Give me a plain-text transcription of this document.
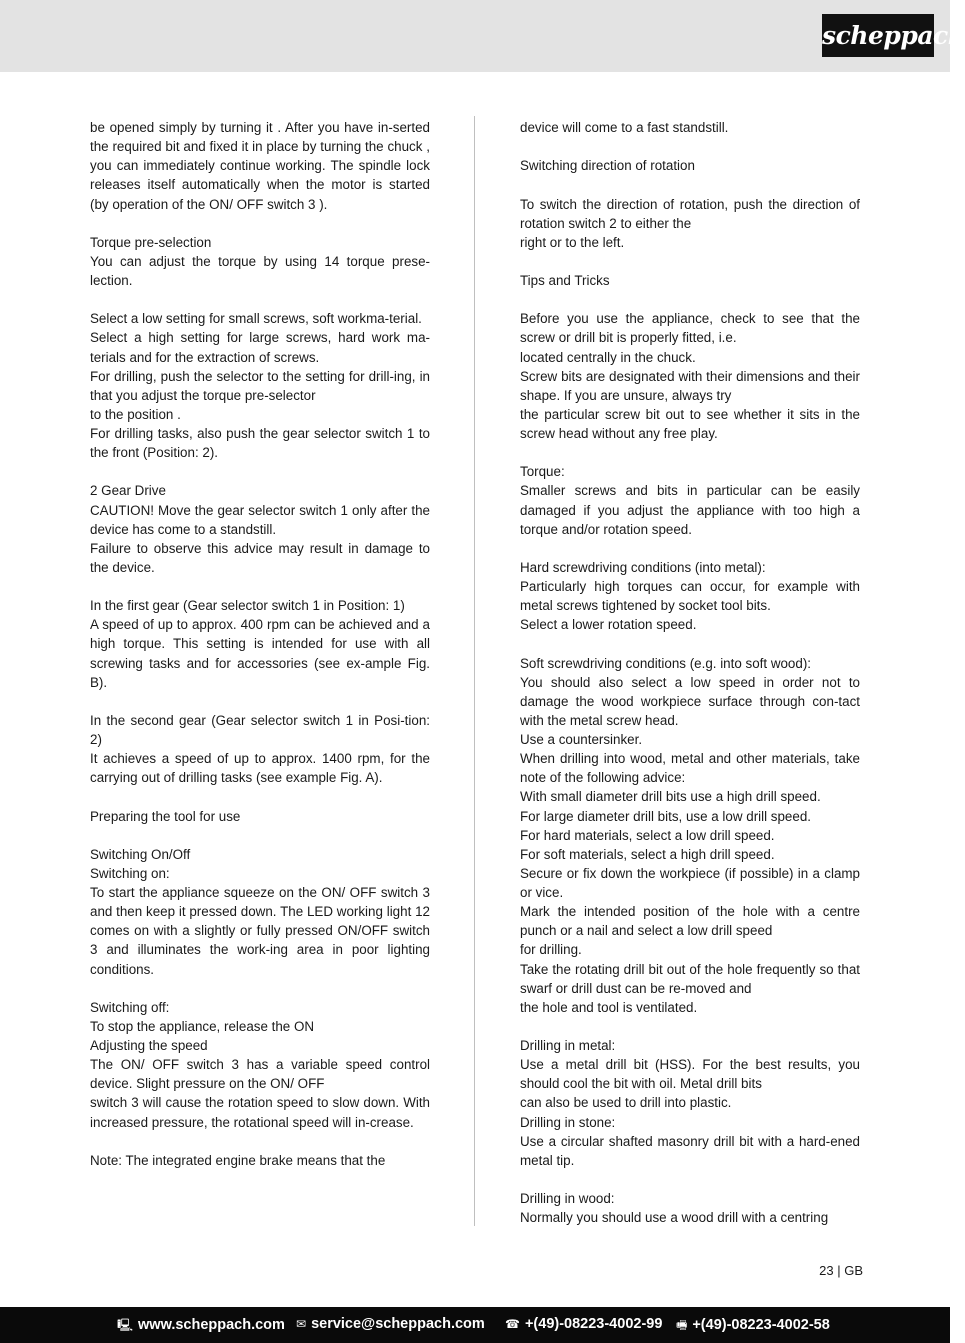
scheppach

be opened simply by turning it . After you have in-serted the required bit and fixed it in place by turning the chuck , you can immediately continue working. The spindle lock releases itself automatically when the motor is started (by operation of the ON/ OFF switch 3 ).

Torque pre-selection

You can adjust the torque by using 14 torque prese-lection.

Select a low setting for small screws, soft workma-terial.

Select a high setting for large screws, hard work ma-terials and for the extraction of screws.

For drilling, push the selector to the setting for drill-ing, in that you adjust the torque pre-selector

to the position .

For drilling tasks, also push the gear selector switch 1 to the front (Position: 2).

2 Gear Drive

CAUTION! Move the gear selector switch 1 only after the device has come to a standstill.

Failure to observe this advice may result in damage to the device.

In the first gear (Gear selector switch 1 in Position: 1)

A speed of up to approx. 400 rpm can be achieved and a high torque. This setting is intended for use with all screwing tasks and for accessories (see ex-ample Fig. B).

In the second gear (Gear selector switch 1 in Posi-tion: 2)

It achieves a speed of up to approx. 1400 rpm, for the carrying out of drilling tasks (see example Fig. A).

Preparing the tool for use

Switching On/Off

Switching on:

To start the appliance squeeze on the ON/ OFF switch 3 and then keep it pressed down. The LED working light 12 comes on with a slightly or fully pressed ON/OFF switch 3 and illuminates the work-ing area in poor lighting conditions.

Switching off:

To stop the appliance, release the ON

Adjusting the speed

The ON/ OFF switch 3 has a variable speed control device. Slight pressure on the ON/ OFF

switch 3 will cause the rotation speed to slow down. With increased pressure, the rotational speed will in-crease.

Note: The integrated engine brake means that the

device will come to a fast standstill.

Switching direction of rotation

To switch the direction of rotation, push the direction of rotation switch 2 to either the

right or to the left.

Tips and Tricks

Before you use the appliance, check to see that the screw or drill bit is properly fitted, i.e.

located centrally in the chuck.

Screw bits are designated with their dimensions and their shape. If you are unsure, always try

the particular screw bit out to see whether it sits in the screw head without any free play.

Torque:

Smaller screws and bits in particular can be easily damaged if you adjust the appliance with too high a torque and/or rotation speed.

Hard screwdriving conditions (into metal):

Particularly high torques can occur, for example with metal screws tightened by socket tool bits.

Select a lower rotation speed.

Soft screwdriving conditions (e.g. into soft wood):

You should also select a low speed in order not to damage the wood workpiece surface through con-tact with the metal screw head.

Use a countersinker.

When drilling into wood, metal and other materials, take note of the following advice:

With small diameter drill bits use a high drill speed.

For large diameter drill bits, use a low drill speed.

For hard materials, select a low drill speed.

For soft materials, select a high drill speed.

Secure or fix down the workpiece (if possible) in a clamp or vice.

Mark the intended position of the hole with a centre punch or a nail and select a low drill speed

for drilling.

Take the rotating drill bit out of the hole frequently so that swarf or drill dust can be re-moved and

the hole and tool is ventilated.

Drilling in metal:

Use a metal drill bit (HSS). For the best results, you should cool the bit with oil. Metal drill bits

can also be used to drill into plastic.

Drilling in stone:

Use a circular shafted masonry drill bit with a hard-ened metal tip.

Drilling in wood:

Normally you should use a wood drill with a centring

23 | GB
🖳 www.scheppach.com ✉ service@scheppach.com ☎ +(49)-08223-4002-99 🖷 +(49)-08223-4002-58
